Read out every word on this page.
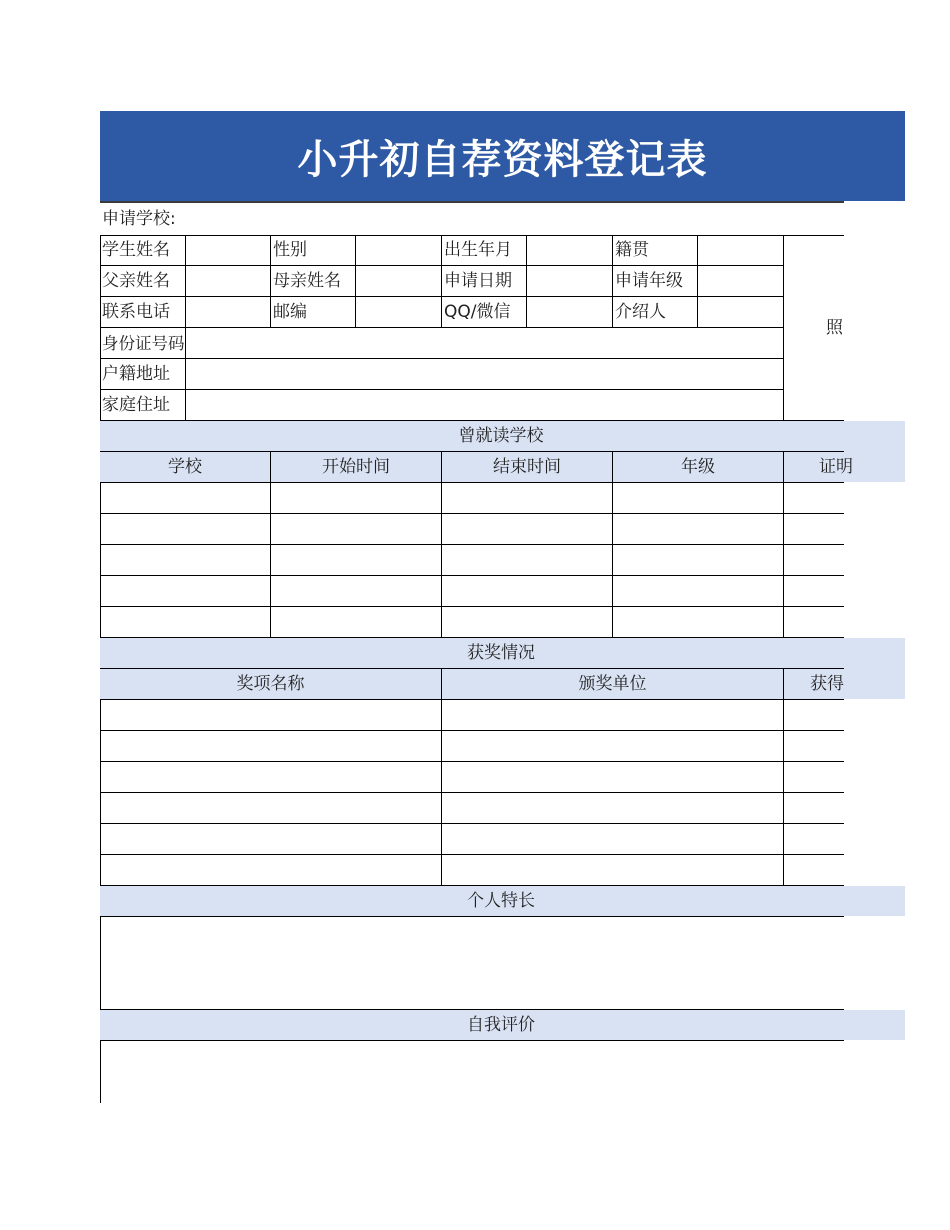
小升初自荐资料登记表
申请学校:
学生姓名	性别	出生年月	籍贯
父亲姓名	母亲姓名	申请日期	申请年级
联系电话	邮编	QQ/微信	介绍人
身份证号码
户籍地址
家庭住址
照
曾就读学校
学校	开始时间	结束时间	年级	证明
获奖情况
奖项名称	颁奖单位	获得
个人特长
自我评价
